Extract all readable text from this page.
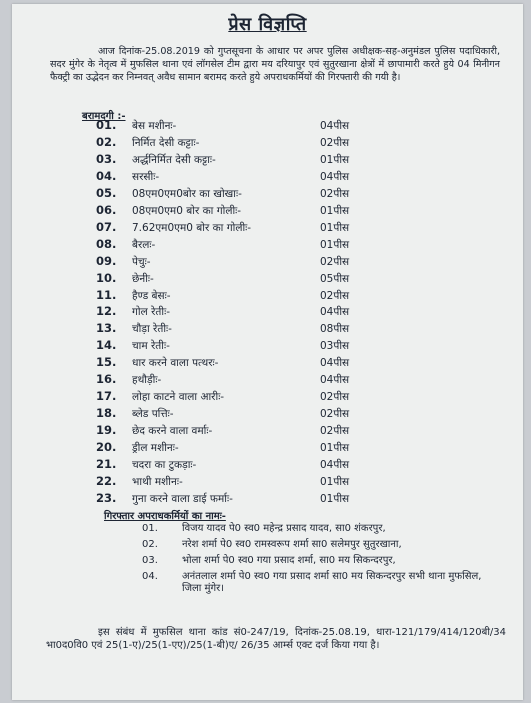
प्रेस विज्ञप्ति
आज दिनांक-25.08.2019 को गुप्तसूचना के आधार पर अपर पुलिस अधीक्षक-सह-अनुमंडल पुलिस पदाधिकारी, सदर मुंगेर के नेतृत्व में मुफसिल थाना एवं लॉगसेल टीम द्वारा मय दरियापुर एवं सुतुरखाना क्षेत्रों में छापामारी करते हुये 04 मिनीगन फैक्ट्री का उद्भेदन कर निम्नवत् अवैध सामान बरामद करते हुये अपराधकर्मियों की गिरफ्तारी की गयी है।
बरामदगी :-
01. बेस मशीनः-	04पीस
02. निर्मित देसी कट्टाः-	02पीस
03. अर्द्धनिर्मित देसी कट्टाः-	01पीस
04. सरसीः-	04पीस
05. 08एम0एम0बोर का खोखाः-	02पीस
06. 08एम0एम0 बोर का गोलीः-	01पीस
07. 7.62एम0एम0 बोर का गोलीः-	01पीस
08. बैरलः-	01पीस
09. पेचुः-	02पीस
10. छेनीः-	05पीस
11. हैण्ड बेसः-	02पीस
12. गोल रेतीः-	04पीस
13. चौड़ा रेतीः-	08पीस
14. चाम रेतीः-	03पीस
15. धार करने वाला पत्थरः-	04पीस
16. हथौड़ीः-	04पीस
17. लोहा काटने वाला आरीः-	02पीस
18. ब्लेड पत्तिः-	02पीस
19. छेद करने वाला वर्माः-	02पीस
20. ड्रील मशीनः-	01पीस
21. चदरा का टुकड़ाः-	04पीस
22. भाथी मशीनः-	01पीस
23. गुना करने वाला डाई फर्माः-	01पीस
गिरफ्तार अपराधकर्मियों का नामः-
01. विजय यादव पे0 स्व0 महेन्द्र प्रसाद यादव, सा0 शंकरपुर,
02. नरेश शर्मा पे0 स्व0 रामस्वरूप शर्मा सा0 सलेमपुर सुतुरखाना,
03. भोला शर्मा पे0 स्व0 गया प्रसाद शर्मा, सा0 मय सिकन्दरपुर,
04. अनंतलाल शर्मा पे0 स्व0 गया प्रसाद शर्मा सा0 मय सिकन्दरपुर सभी थाना मुफसिल, जिला मुंगेर।
इस संबंध में मुफसिल थाना कांड सं0-247/19, दिनांक-25.08.19, धारा-121/179/414/120बी/34 भा0द0वि0 एवं 25(1-ए)/25(1-एए)/25(1-बी)ए/ 26/35 आर्म्स एक्ट दर्ज किया गया है।
